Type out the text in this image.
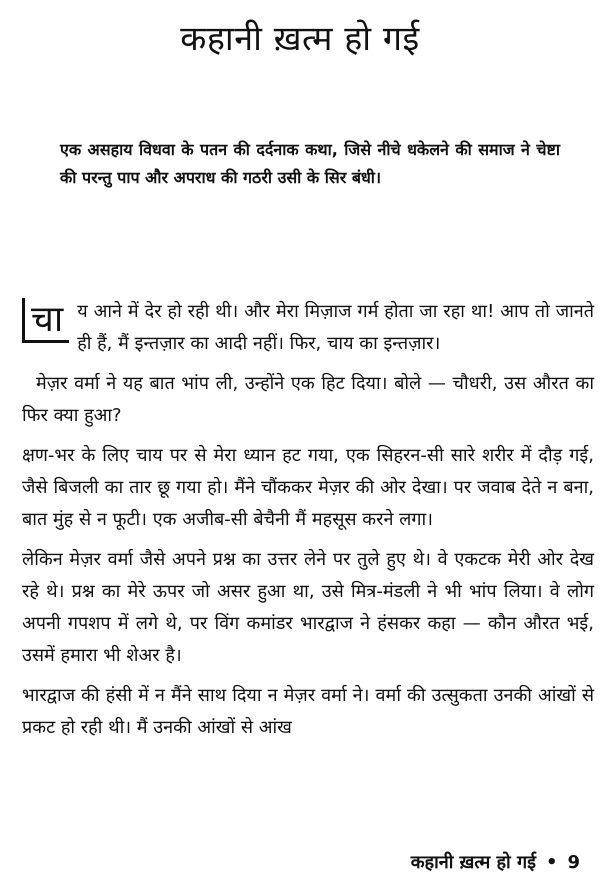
कहानी ख़त्म हो गई

एक असहाय विधवा के पतन की दर्दनाक कथा, जिसे नीचे धकेलने की समाज ने चेष्टा की परन्तु पाप और अपराध की गठरी उसी के सिर बंधी।

चा य आने में देर हो रही थी। और मेरा मिज़ाज गर्म होता जा रहा था! आप तो जानते ही हैं, मैं इन्तज़ार का आदी नहीं। फिर, चाय का इन्तज़ार।

मेज़र वर्मा ने यह बात भांप ली, उन्होंने एक हिट दिया। बोले — चौधरी, उस औरत का फिर क्या हुआ?

क्षण-भर के लिए चाय पर से मेरा ध्यान हट गया, एक सिहरन-सी सारे शरीर में दौड़ गई, जैसे बिजली का तार छू गया हो। मैंने चौंककर मेज़र की ओर देखा। पर जवाब देते न बना, बात मुंह से न फूटी। एक अजीब-सी बेचैनी मैं महसूस करने लगा।

लेकिन मेज़र वर्मा जैसे अपने प्रश्न का उत्तर लेने पर तुले हुए थे। वे एकटक मेरी ओर देख रहे थे। प्रश्न का मेरे ऊपर जो असर हुआ था, उसे मित्र-मंडली ने भी भांप लिया। वे लोग अपनी गपशप में लगे थे, पर विंग कमांडर भारद्वाज ने हंसकर कहा — कौन औरत भई, उसमें हमारा भी शेअर है।

भारद्वाज की हंसी में न मैंने साथ दिया न मेज़र वर्मा ने। वर्मा की उत्सुकता उनकी आंखों से प्रकट हो रही थी। मैं उनकी आंखों से आंख

कहानी ख़त्म हो गई • 9
